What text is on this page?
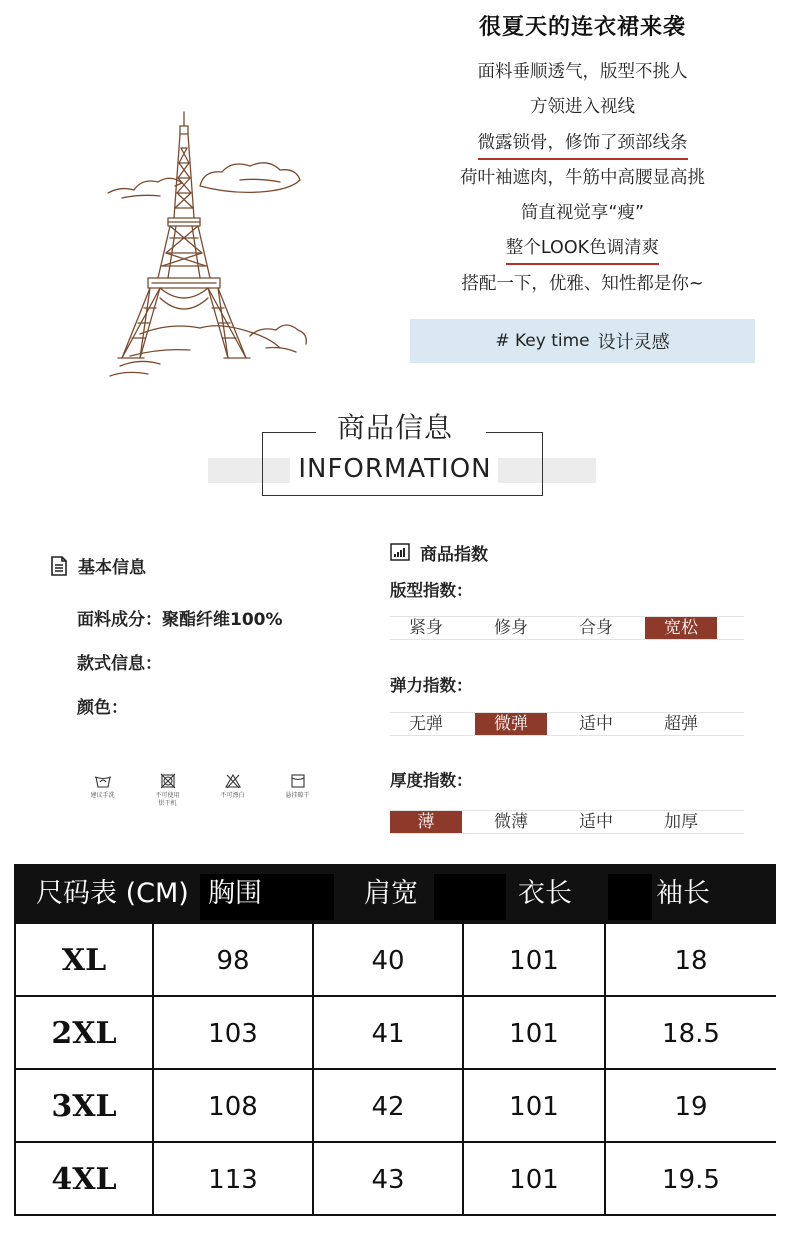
很夏天的连衣裙来袭
面料垂顺透气，版型不挑人
方领进入视线
微露锁骨，修饰了颈部线条
荷叶袖遮肉，牛筋中高腰显高挑
简直视觉享“瘦”
整个LOOK色调清爽
搭配一下，优雅、知性都是你~
# Key time 设计灵感
商品信息
INFORMATION
基本信息
面料成分：聚酯纤维100%
款式信息：
颜色：
建议手洗	不可使用
烘干机
不可漂白	悬挂晾干
商品指数
版型指数：
紧身	修身	合身	宽松
弹力指数：
无弹	微弹	适中	超弹
厚度指数：
薄	微薄	适中	加厚
尺码表 (CM) 胸围	肩宽	衣长	袖长
XL	98	40	101	18
2XL	103	41	101	18.5
3XL	108	42	101	19
4XL	113	43	101	19.5
